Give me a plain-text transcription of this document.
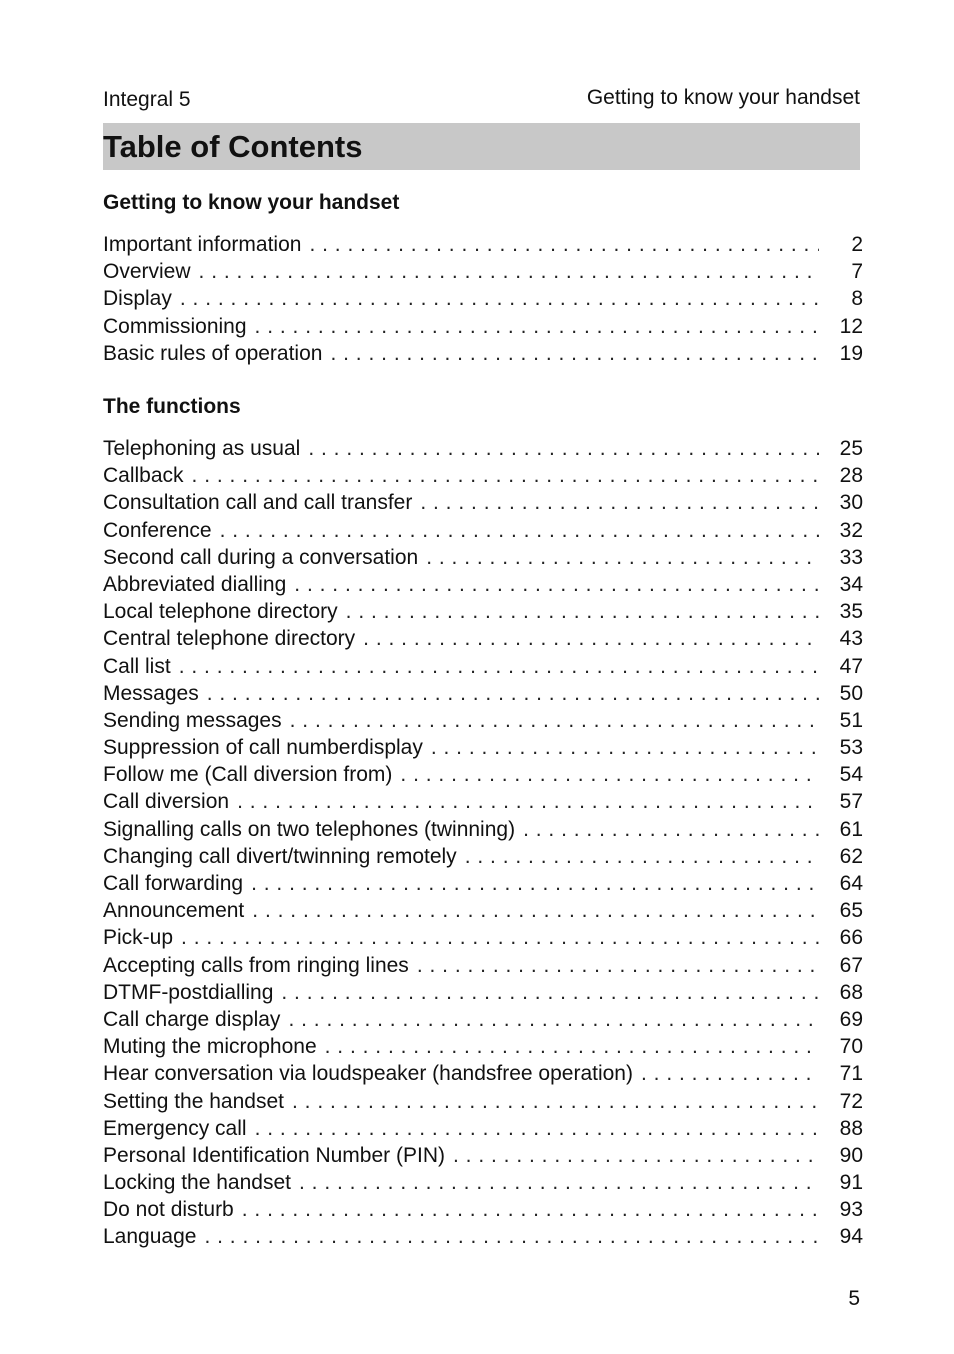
Integral 5	Getting to know your handset
Table of Contents
Getting to know your handset
Important information . . .	2
Overview . . .	7
Display . . .	8
Commissioning . . .	12
Basic rules of operation . . .	19
The functions
Telephoning as usual . . .	25
Callback . . .	28
Consultation call and call transfer . . .	30
Conference . . .	32
Second call during a conversation . . .	33
Abbreviated dialling . . .	34
Local telephone directory . . .	35
Central telephone directory . . .	43
Call list . . .	47
Messages . . .	50
Sending messages . . .	51
Suppression of call numberdisplay . . .	53
Follow me (Call diversion from) . . .	54
Call diversion . . .	57
Signalling calls on two telephones (twinning) . . .	61
Changing call divert/twinning remotely . . .	62
Call forwarding . . .	64
Announcement . . .	65
Pick-up . . .	66
Accepting calls from ringing lines . . .	67
DTMF-postdialling . . .	68
Call charge display . . .	69
Muting the microphone . . .	70
Hear conversation via loudspeaker (handsfree operation) . . .	71
Setting the handset . . .	72
Emergency call . . .	88
Personal Identification Number (PIN) . . .	90
Locking the handset . . .	91
Do not disturb . . .	93
Language . . .	94
5
